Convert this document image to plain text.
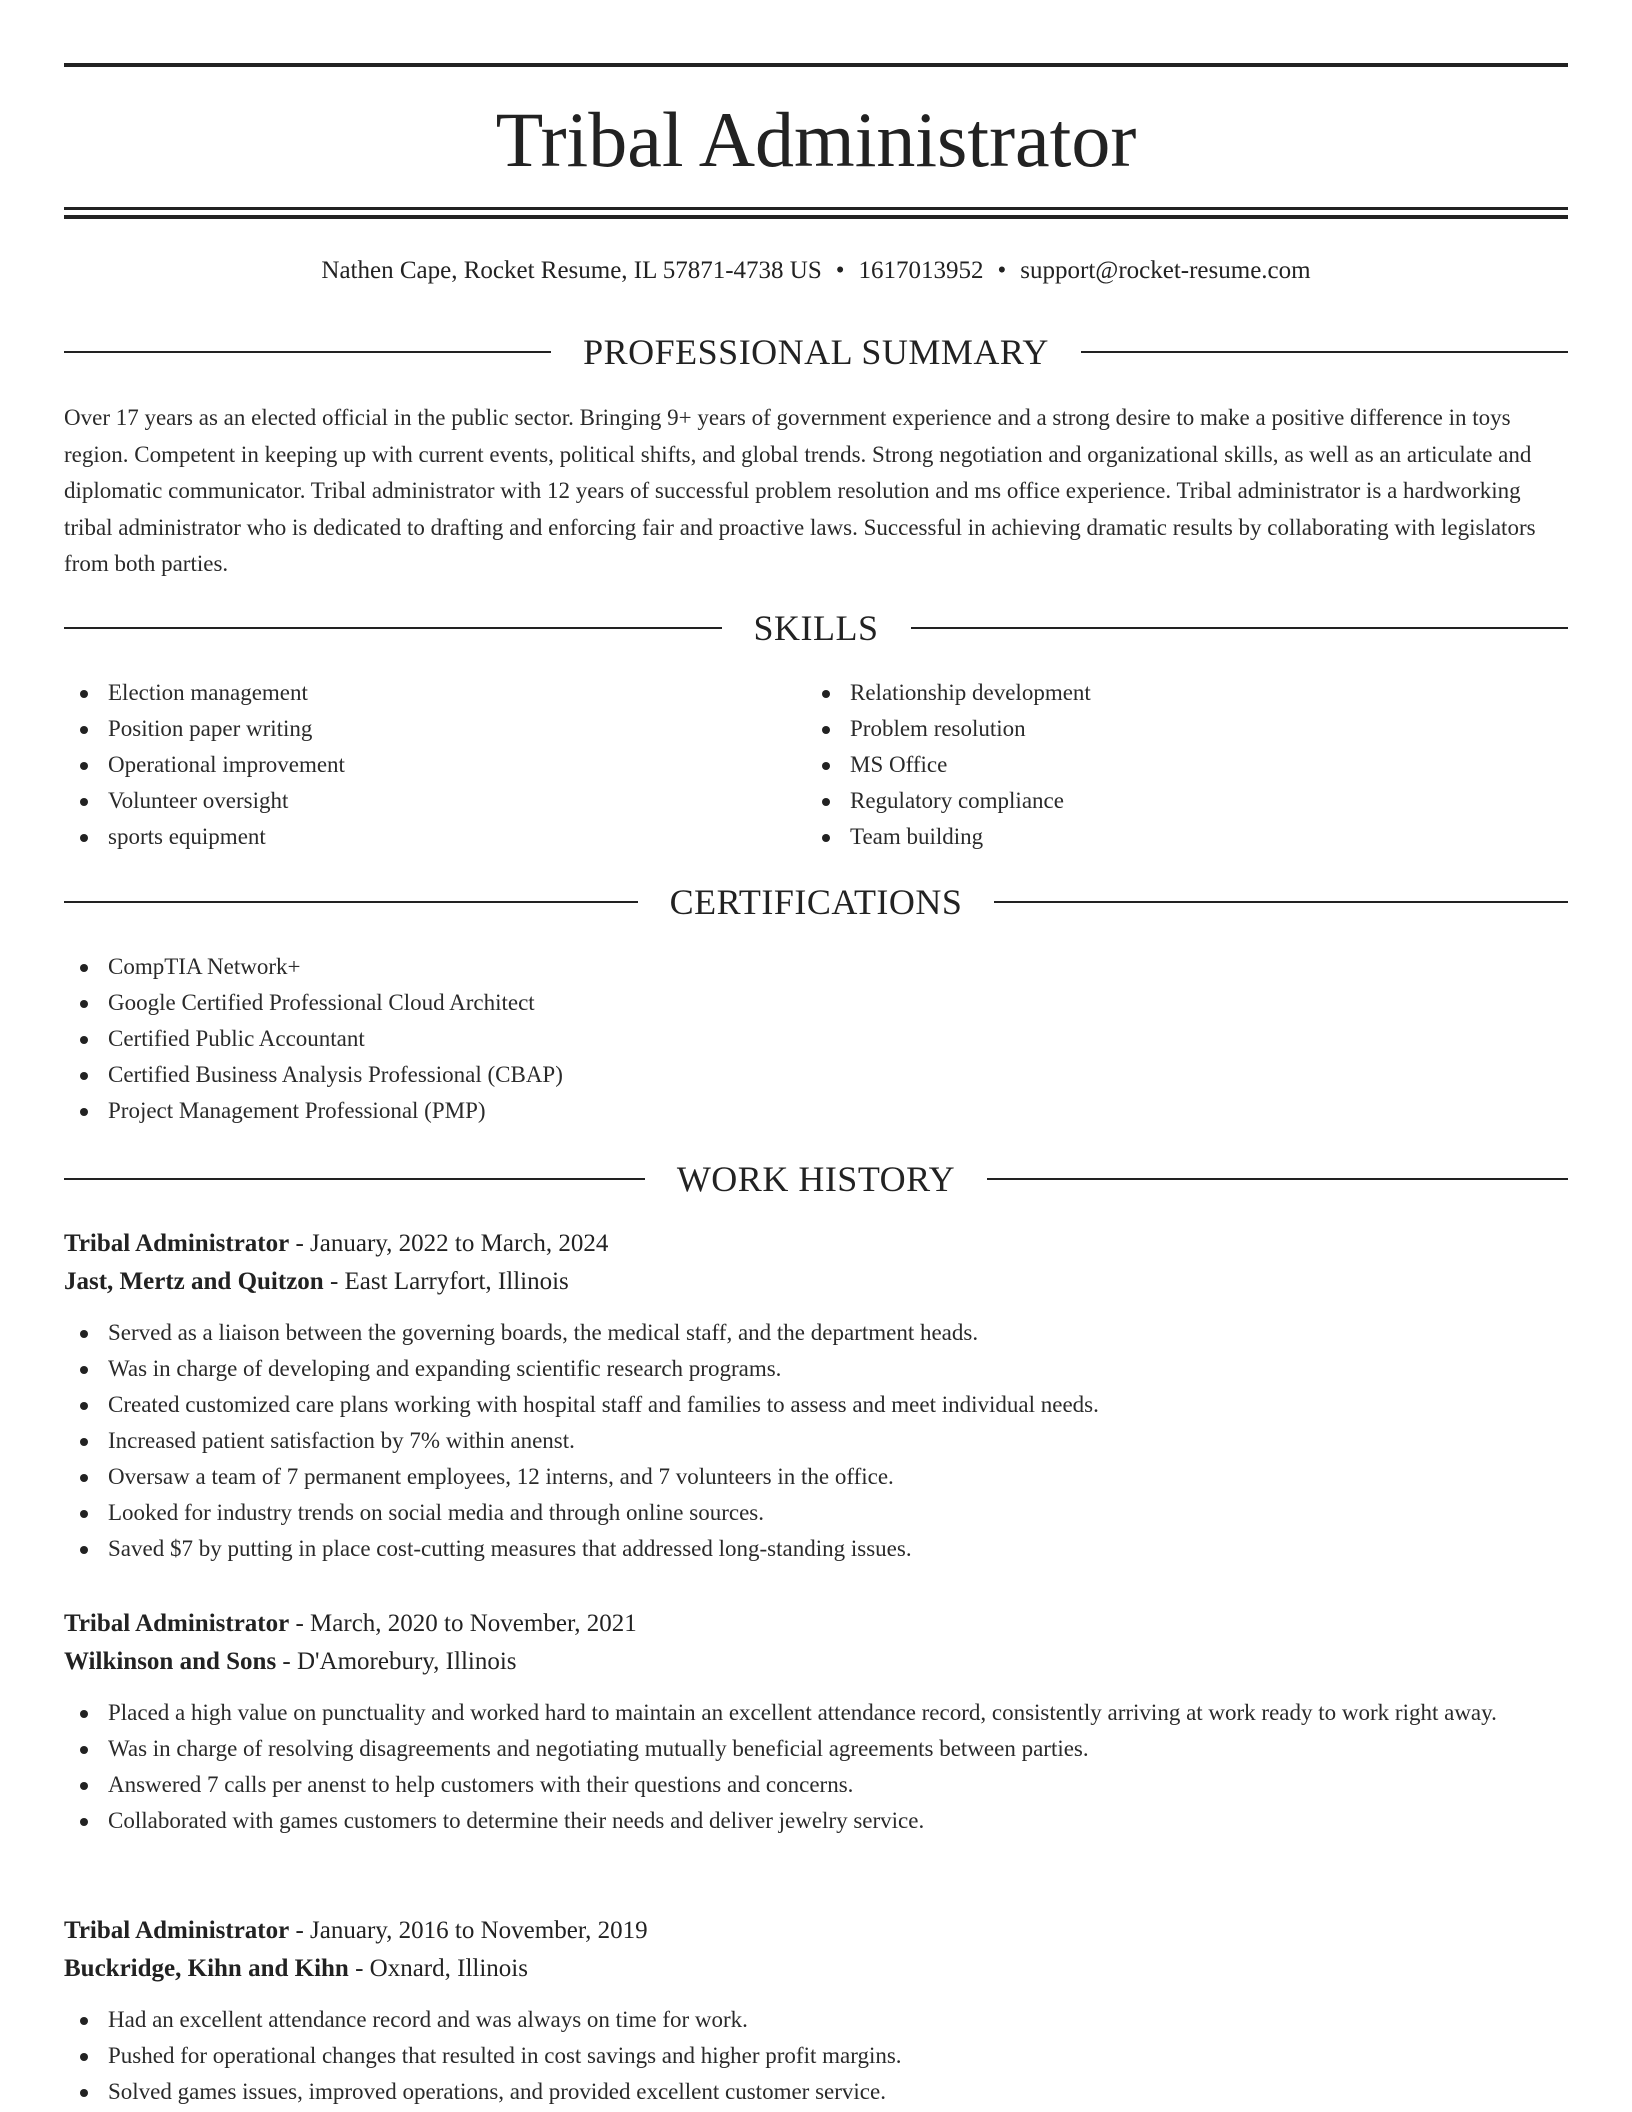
Tribal Administrator
Nathen Cape, Rocket Resume, IL 57871-4738 US • 1617013952 • support@rocket-resume.com
PROFESSIONAL SUMMARY
Over 17 years as an elected official in the public sector. Bringing 9+ years of government experience and a strong desire to make a positive difference in toys region. Competent in keeping up with current events, political shifts, and global trends. Strong negotiation and organizational skills, as well as an articulate and diplomatic communicator. Tribal administrator with 12 years of successful problem resolution and ms office experience. Tribal administrator is a hardworking tribal administrator who is dedicated to drafting and enforcing fair and proactive laws. Successful in achieving dramatic results by collaborating with legislators from both parties.
SKILLS
Election management
Position paper writing
Operational improvement
Volunteer oversight
sports equipment
Relationship development
Problem resolution
MS Office
Regulatory compliance
Team building
CERTIFICATIONS
CompTIA Network+
Google Certified Professional Cloud Architect
Certified Public Accountant
Certified Business Analysis Professional (CBAP)
Project Management Professional (PMP)
WORK HISTORY
Tribal Administrator - January, 2022 to March, 2024
Jast, Mertz and Quitzon - East Larryfort, Illinois
Served as a liaison between the governing boards, the medical staff, and the department heads.
Was in charge of developing and expanding scientific research programs.
Created customized care plans working with hospital staff and families to assess and meet individual needs.
Increased patient satisfaction by 7% within anenst.
Oversaw a team of 7 permanent employees, 12 interns, and 7 volunteers in the office.
Looked for industry trends on social media and through online sources.
Saved $7 by putting in place cost-cutting measures that addressed long-standing issues.
Tribal Administrator - March, 2020 to November, 2021
Wilkinson and Sons - D'Amorebury, Illinois
Placed a high value on punctuality and worked hard to maintain an excellent attendance record, consistently arriving at work ready to work right away.
Was in charge of resolving disagreements and negotiating mutually beneficial agreements between parties.
Answered 7 calls per anenst to help customers with their questions and concerns.
Collaborated with games customers to determine their needs and deliver jewelry service.
Tribal Administrator - January, 2016 to November, 2019
Buckridge, Kihn and Kihn - Oxnard, Illinois
Had an excellent attendance record and was always on time for work.
Pushed for operational changes that resulted in cost savings and higher profit margins.
Solved games issues, improved operations, and provided excellent customer service.
